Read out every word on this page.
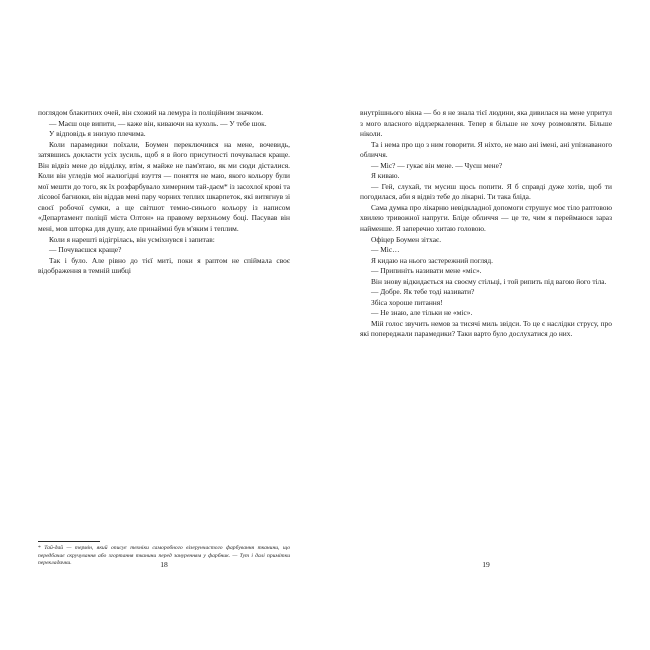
поглядом блакитних очей, він схожий на лемура із поліційним значком.

— Маєш оце випити, — каже він, киваючи на кухоль. — У тебе шок.

У відповідь я знизую плечима.

Коли парамедики поїхали, Боумен переключився на мене, вочевидь, затявшись докласти усіх зусиль, щоб я в його присутності почувалася краще. Він відвіз мене до відділку, втім, я майже не пам'ятаю, як ми сюди дісталися. Коли він угледів мої жалюгідні взуття — поняття не маю, якого кольору були мої мешти до того, як їх розфарбувало химерним тай-даєм* із засохлої крові та лісової багнюки, він віддав мені пару чорних теплих шкарпеток, які витягнув зі своєї робочої сумки, а ще світшот темно-синього кольору із написом «Департамент поліції міста Олтон» на правому верхньому боці. Пасував він мені, мов шторка для душу, але принаймні був м'яким і теплим.

Коли я нарешті відігрілась, він усміхнувся і запитав:

— Почуваєшся краще?

Так і було. Але рівно до тієї миті, поки я раптом не спіймала своє відображення в темній шибці

* Тай-дай — термін, який описує техніки саморобного візерунчастого фарбування тканини, що передбачає скручування або згортання тканини перед зануренням у фарбник. — Тут і далі примітки перекладачки.

внутрішнього вікна — бо я не знала тієї людини, яка дивилася на мене упритул з мого власного віддзеркалення. Тепер я більше не хочу розмовляти. Більше ніколи.

Та і нема про що з ним говорити. Я ніхто, не маю ані імені, ані упізнаваного обличчя.

— Міс? — гукає він мене. — Чуєш мене?

Я киваю.

— Гей, слухай, ти мусиш щось попити. Я б справді дуже хотів, щоб ти погодилася, аби я відвіз тебе до лікарні. Ти така бліда.

Сама думка про лікарню невідкладної допомоги струшує моє тіло раптовою хвилею тривожної напруги. Бліде обличчя — це те, чим я перeймаюся зараз найменше. Я заперечно хитаю головою.

Офіцер Боумен зітхає.

— Міс…

Я кидаю на нього застережний погляд.

— Припиніть називати мене «міс».

Він знову відкидається на своєму стільці, і той рипить під вагою його тіла.

— Добре. Як тебе тоді називати?

Збіса хороше питання!

— Не знаю, але тільки не «міс».

Мій голос звучить немов за тисячі миль звідси. То це є наслідки струсу, про які попереджали парамедики? Таки варто було дослухатися до них.

18	19
